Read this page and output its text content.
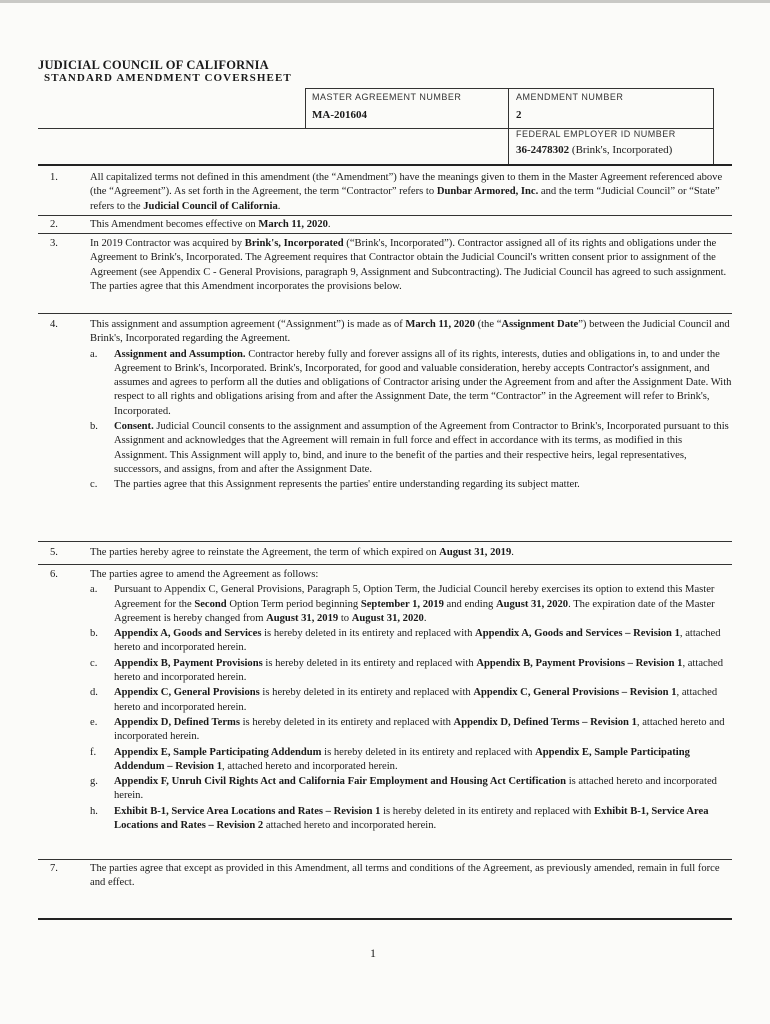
JUDICIAL COUNCIL OF CALIFORNIA
STANDARD AMENDMENT COVERSHEET
MASTER AGREEMENT NUMBER
MA-201604
AMENDMENT NUMBER
2
FEDERAL EMPLOYER ID NUMBER
36-2478302 (Brink's, Incorporated)
1.	All capitalized terms not defined in this amendment (the “Amendment”) have the meanings given to them in the Master Agreement referenced above (the “Agreement”). As set forth in the Agreement, the term “Contractor” refers to Dunbar Armored, Inc. and the term “Judicial Council” or “State” refers to the Judicial Council of California.
2.	This Amendment becomes effective on March 11, 2020.
3.	In 2019 Contractor was acquired by Brink's, Incorporated (“Brink's, Incorporated”). Contractor assigned all of its rights and obligations under the Agreement to Brink's, Incorporated. The Agreement requires that Contractor obtain the Judicial Council's written consent prior to assignment of the Agreement (see Appendix C - General Provisions, paragraph 9, Assignment and Subcontracting). The Judicial Council has agreed to such assignment. The parties agree that this Amendment incorporates the provisions below.
4.	This assignment and assumption agreement (“Assignment”) is made as of March 11, 2020 (the “Assignment Date”) between the Judicial Council and Brink's, Incorporated regarding the Agreement.
a. Assignment and Assumption. Contractor hereby fully and forever assigns all of its rights, interests, duties and obligations in, to and under the Agreement to Brink's, Incorporated. Brink's, Incorporated, for good and valuable consideration, hereby accepts Contractor's assignment, and assumes and agrees to perform all the duties and obligations of Contractor arising under the Agreement from and after the Assignment Date. With respect to all rights and obligations arising from and after the Assignment Date, the term “Contractor” in the Agreement will refer to Brink's, Incorporated.
b. Consent. Judicial Council consents to the assignment and assumption of the Agreement from Contractor to Brink's, Incorporated pursuant to this Assignment and acknowledges that the Agreement will remain in full force and effect in accordance with its terms, as modified in this Assignment. This Assignment will apply to, bind, and inure to the benefit of the parties and their respective heirs, legal representatives, successors, and assigns, from and after the Assignment Date.
c. The parties agree that this Assignment represents the parties' entire understanding regarding its subject matter.
5.	The parties hereby agree to reinstate the Agreement, the term of which expired on August 31, 2019.
6.	The parties agree to amend the Agreement as follows:
a. Pursuant to Appendix C, General Provisions, Paragraph 5, Option Term, the Judicial Council hereby exercises its option to extend this Master Agreement for the Second Option Term period beginning September 1, 2019 and ending August 31, 2020. The expiration date of the Master Agreement is hereby changed from August 31, 2019 to August 31, 2020.
b. Appendix A, Goods and Services is hereby deleted in its entirety and replaced with Appendix A, Goods and Services – Revision 1, attached hereto and incorporated herein.
c. Appendix B, Payment Provisions is hereby deleted in its entirety and replaced with Appendix B, Payment Provisions – Revision 1, attached hereto and incorporated herein.
d. Appendix C, General Provisions is hereby deleted in its entirety and replaced with Appendix C, General Provisions – Revision 1, attached hereto and incorporated herein.
e. Appendix D, Defined Terms is hereby deleted in its entirety and replaced with Appendix D, Defined Terms – Revision 1, attached hereto and incorporated herein.
f. Appendix E, Sample Participating Addendum is hereby deleted in its entirety and replaced with Appendix E, Sample Participating Addendum – Revision 1, attached hereto and incorporated herein.
g. Appendix F, Unruh Civil Rights Act and California Fair Employment and Housing Act Certification is attached hereto and incorporated herein.
h. Exhibit B-1, Service Area Locations and Rates – Revision 1 is hereby deleted in its entirety and replaced with Exhibit B-1, Service Area Locations and Rates – Revision 2 attached hereto and incorporated herein.
7.	The parties agree that except as provided in this Amendment, all terms and conditions of the Agreement, as previously amended, remain in full force and effect.
1
